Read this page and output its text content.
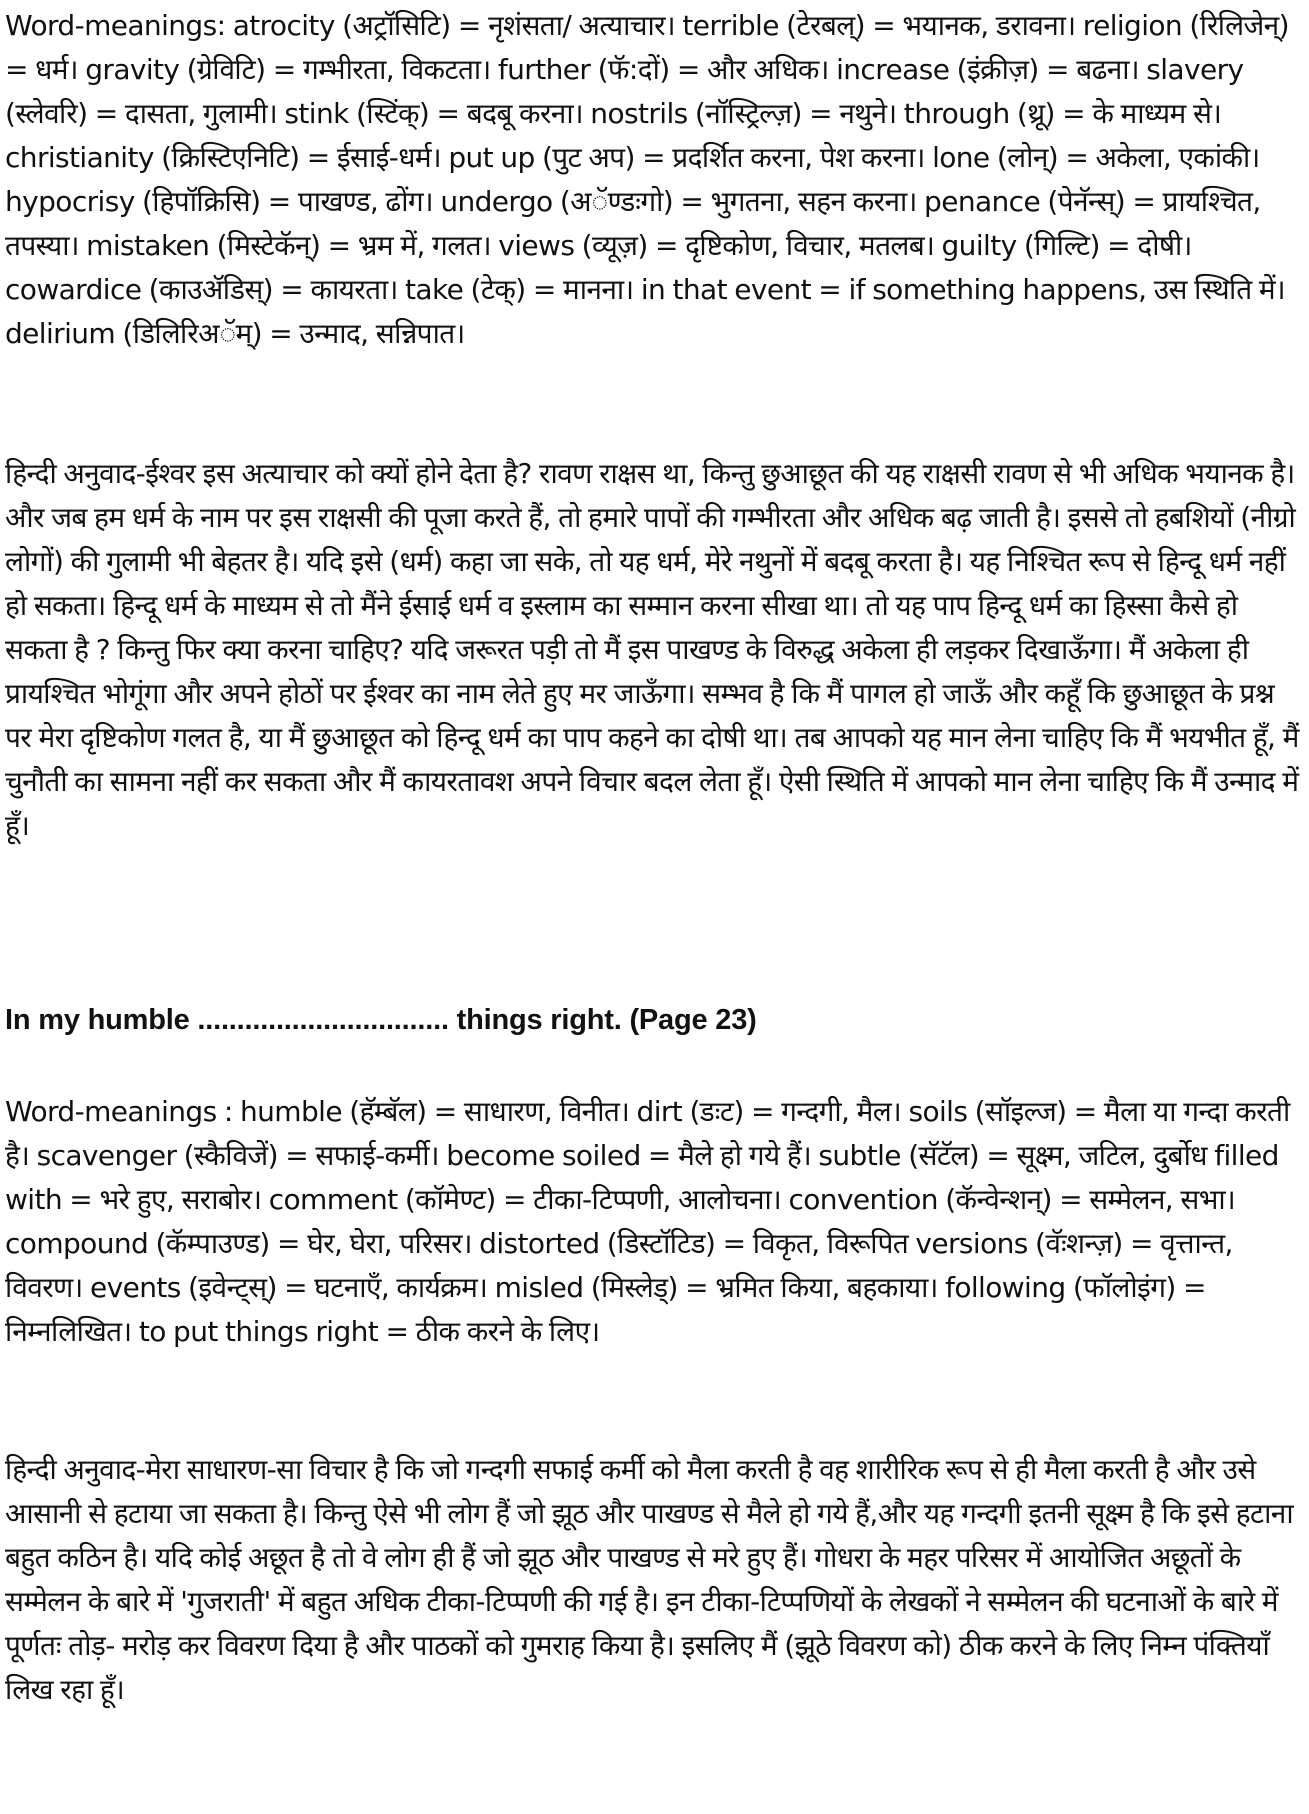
Word-meanings: atrocity (अट्रॉसिटि) = नृशंसता/ अत्याचार। terrible (टेरबल्) = भयानक, डरावना। religion (रिलिजेन्) = धर्म। gravity (ग्रेविटि) = गम्भीरता, विकटता। further (फॅ:दों) = और अधिक। increase (इंक्रीज़) = बढना। slavery (स्लेवरि) = दासता, गुलामी। stink (स्टिंक्) = बदबू करना। nostrils (नॉस्ट्रिल्ज़) = नथुने। through (थ्रू) = के माध्यम से। christianity (क्रिस्टिएनिटि) = ईसाई-धर्म। put up (पुट अप) = प्रदर्शित करना, पेश करना। lone (लोन्) = अकेला, एकांकी। hypocrisy (हिपॉक्रिसि) = पाखण्ड, ढोंग। undergo (अॅण्डःगो) = भुगतना, सहन करना। penance (पेनॅन्स्) = प्रायश्चित, तपस्या। mistaken (मिस्टेकॅन्) = भ्रम में, गलत। views (व्यूज़) = दृष्टिकोण, विचार, मतलब। guilty (गिल्टि) = दोषी। cowardice (काउॲडिस्) = कायरता। take (टेक्) = मानना। in that event = if something happens, उस स्थिति में। delirium (डिलिरिअॅम्) = उन्माद, सन्निपात।

हिन्दी अनुवाद-ईश्वर इस अत्याचार को क्यों होने देता है? रावण राक्षस था, किन्तु छुआछूत की यह राक्षसी रावण से भी अधिक भयानक है। और जब हम धर्म के नाम पर इस राक्षसी की पूजा करते हैं, तो हमारे पापों की गम्भीरता और अधिक बढ़ जाती है। इससे तो हबशियों (नीग्रो लोगों) की गुलामी भी बेहतर है। यदि इसे (धर्म) कहा जा सके, तो यह धर्म, मेरे नथुनों में बदबू करता है। यह निश्चित रूप से हिन्दू धर्म नहीं हो सकता। हिन्दू धर्म के माध्यम से तो मैंने ईसाई धर्म व इस्लाम का सम्मान करना सीखा था। तो यह पाप हिन्दू धर्म का हिस्सा कैसे हो सकता है ? किन्तु फिर क्या करना चाहिए? यदि जरूरत पड़ी तो मैं इस पाखण्ड के विरुद्ध अकेला ही लड़कर दिखाऊँगा। मैं अकेला ही प्रायश्चित भोगूंगा और अपने होठों पर ईश्वर का नाम लेते हुए मर जाऊँगा। सम्भव है कि मैं पागल हो जाऊँ और कहूँ कि छुआछूत के प्रश्न पर मेरा दृष्टिकोण गलत है, या मैं छुआछूत को हिन्दू धर्म का पाप कहने का दोषी था। तब आपको यह मान लेना चाहिए कि मैं भयभीत हूँ, मैं चुनौती का सामना नहीं कर सकता और मैं कायरतावश अपने विचार बदल लेता हूँ। ऐसी स्थिति में आपको मान लेना चाहिए कि मैं उन्माद में हूँ।

In my humble ................................ things right. (Page 23)

Word-meanings : humble (हॅम्बॅल) = साधारण, विनीत। dirt (डःट) = गन्दगी, मैल। soils (सॉइल्ज) = मैला या गन्दा करती है। scavenger (स्कैविजें) = सफाई-कर्मी। become soiled = मैले हो गये हैं। subtle (सॅटॅल) = सूक्ष्म, जटिल, दुर्बोध filled with = भरे हुए, सराबोर। comment (कॉमेण्ट) = टीका-टिप्पणी, आलोचना। convention (कॅन्वेन्शन्) = सम्मेलन, सभा। compound (कॅम्पाउण्ड) = घेर, घेरा, परिसर। distorted (डिस्टॉटिड) = विकृत, विरूपित versions (वॅःशन्ज़) = वृत्तान्त, विवरण। events (इवेन्ट्स्) = घटनाएँ, कार्यक्रम। misled (मिस्लेड्) = भ्रमित किया, बहकाया। following (फॉलोइंग) = निम्नलिखित। to put things right = ठीक करने के लिए।

हिन्दी अनुवाद-मेरा साधारण-सा विचार है कि जो गन्दगी सफाई कर्मी को मैला करती है वह शारीरिक रूप से ही मैला करती है और उसे आसानी से हटाया जा सकता है। किन्तु ऐसे भी लोग हैं जो झूठ और पाखण्ड से मैले हो गये हैं,और यह गन्दगी इतनी सूक्ष्म है कि इसे हटाना बहुत कठिन है। यदि कोई अछूत है तो वे लोग ही हैं जो झूठ और पाखण्ड से मरे हुए हैं। गोधरा के महर परिसर में आयोजित अछूतों के सम्मेलन के बारे में 'गुजराती' में बहुत अधिक टीका-टिप्पणी की गई है। इन टीका-टिप्पणियों के लेखकों ने सम्मेलन की घटनाओं के बारे में पूर्णतः तोड़- मरोड़ कर विवरण दिया है और पाठकों को गुमराह किया है। इसलिए मैं (झूठे विवरण को) ठीक करने के लिए निम्न पंक्तियाँ लिख रहा हूँ।
